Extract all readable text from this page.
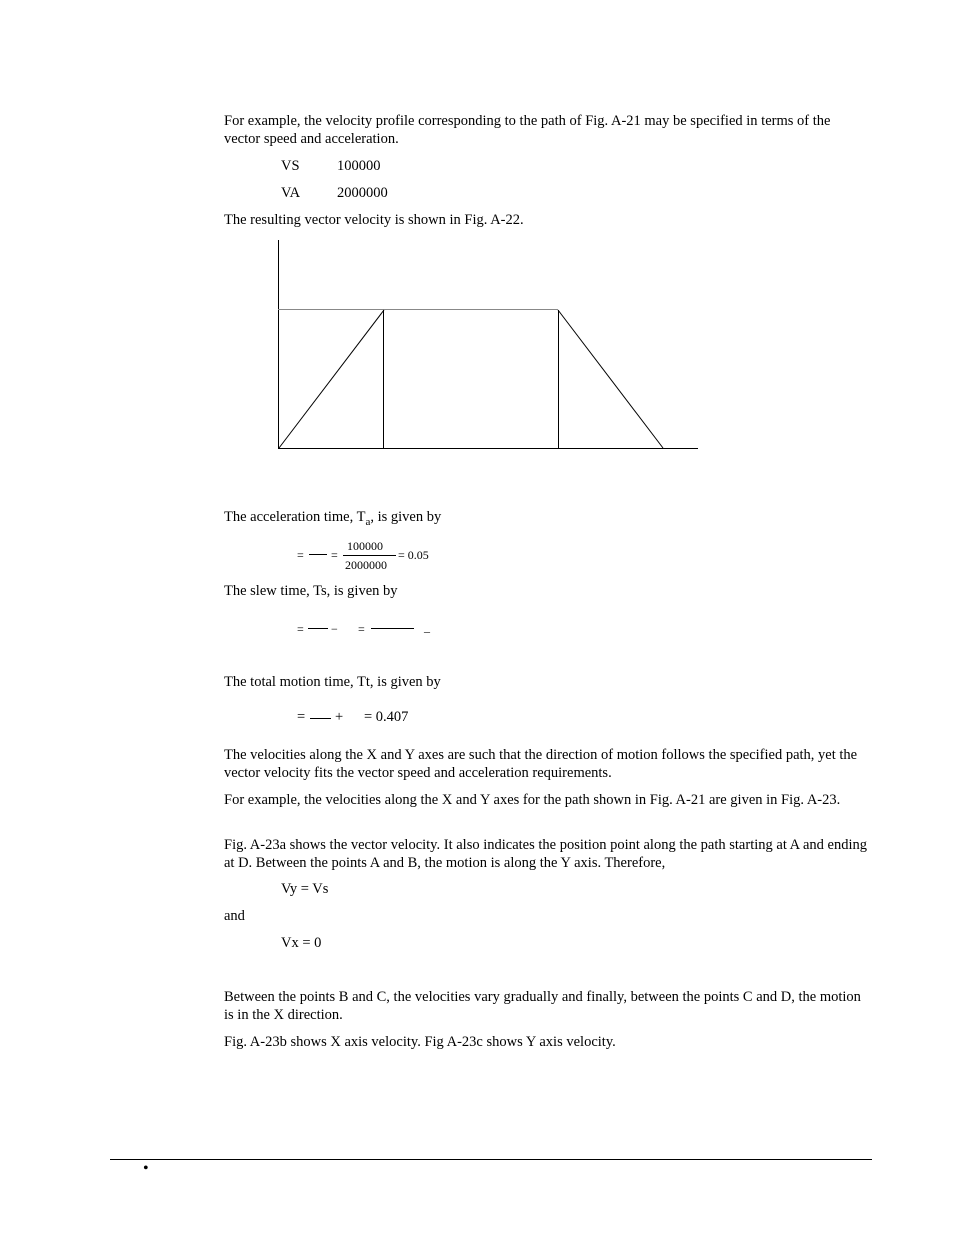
For example, the velocity profile corresponding to the path of Fig. A-21 may be specified in terms of the vector speed and acceleration.
VS	100000
VA	2000000
The resulting vector velocity is shown in Fig. A-22.
The acceleration time, $T_a$, is given by
= =
100000
2000000
= 0.05
The slew time, Ts, is given by
= − =	_
The total motion time, Tt, is given by
= + = 0.407
The velocities along the X and Y axes are such that the direction of motion follows the specified path, yet the vector velocity fits the vector speed and acceleration requirements.
For example, the velocities along the X and Y axes for the path shown in Fig. A-21 are given in Fig. A-23.
Fig. A-23a shows the vector velocity. It also indicates the position point along the path starting at A and ending at D. Between the points A and B, the motion is along the Y axis. Therefore,
Vy = Vs
and
Vx = 0
Between the points B and C, the velocities vary gradually and finally, between the points C and D, the motion is in the X direction.
Fig. A-23b shows X axis velocity. Fig A-23c shows Y axis velocity.
•
